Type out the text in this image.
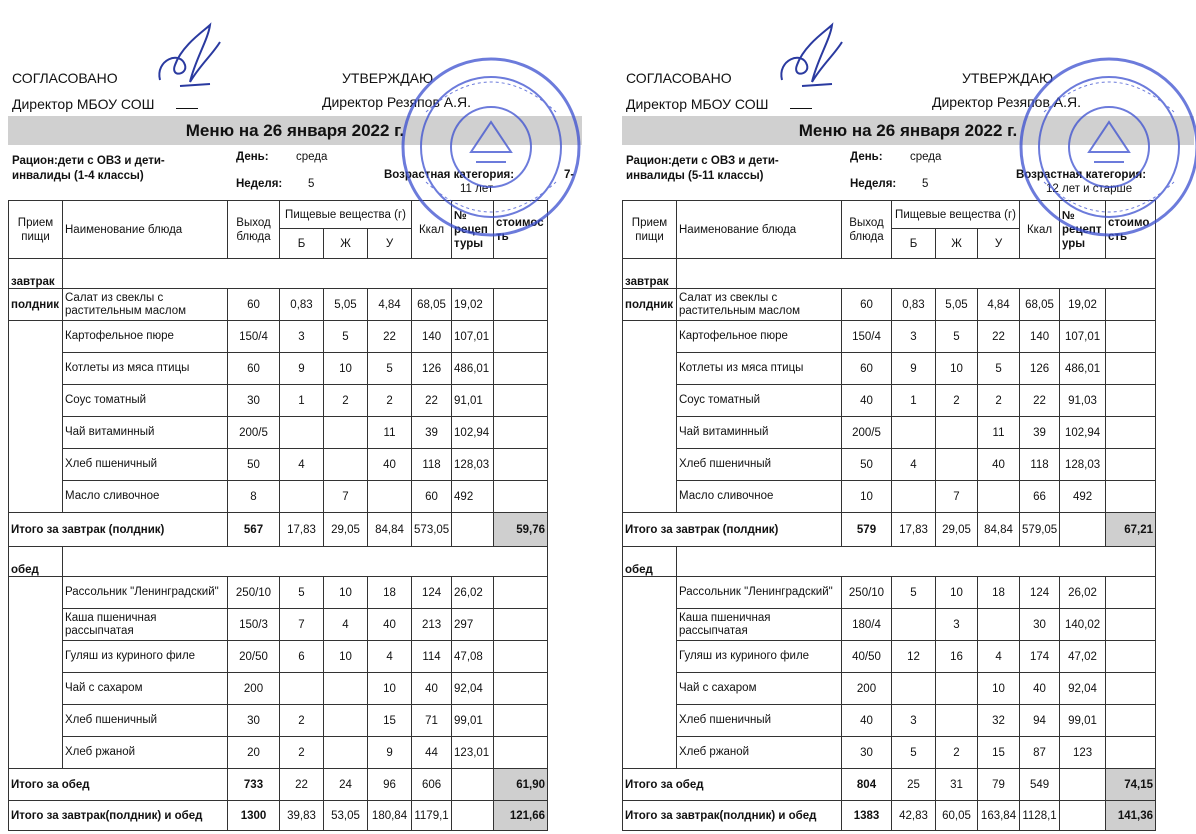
СОГЛАСОВАНО
Директор МБОУ СОШ
УТВЕРЖДАЮ
Директор Резяпов А.Я.
Меню на 26 января 2022 г.
Рацион:дети с ОВЗ и дети-
инвалиды (1-4 классы)
День: среда
Неделя: 5
Возрастная категория:	7-
11 лет
Прием пищи	Наименование блюда	Выход блюда	Пищевые вещества (г)			Ккал	№ рецеп туры	стоимос ть
			Б	Ж	У			
завтрак								
полдник	Салат из свеклы с растительным маслом	60	0,83	5,05	4,84	68,05	19,02	
	Картофельное пюре	150/4	3	5	22	140	107,01	
	Котлеты из мяса птицы	60	9	10	5	126	486,01	
	Соус томатный	30	1	2	2	22	91,01	
	Чай витаминный	200/5			11	39	102,94	
	Хлеб пшеничный	50	4		40	118	128,03	
	Масло сливочное	8		7		60	492	
Итого за завтрак (полдник)		567	17,83	29,05	84,84	573,05		59,76
обед								
	Рассольник "Ленинградский"	250/10	5	10	18	124	26,02	
	Каша пшеничная рассыпчатая	150/3	7	4	40	213	297	
	Гуляш из куриного филе	20/50	6	10	4	114	47,08	
	Чай с сахаром	200			10	40	92,04	
	Хлеб пшеничный	30	2		15	71	99,01	
	Хлеб ржаной	20	2		9	44	123,01	
Итого за обед		733	22	24	96	606		61,90
Итого за завтрак(полдник) и обед		1300	39,83	53,05	180,84	1179,1		121,66
СОГЛАСОВАНО
Директор МБОУ СОШ
УТВЕРЖДАЮ
Директор Резяпов А.Я.
Меню на 26 января 2022 г.
Рацион:дети с ОВЗ и дети-
инвалиды (5-11 классы)
День: среда
Неделя: 5
Возрастная категория:
12 лет и старше
Прием пищи	Наименование блюда	Выход блюда	Пищевые вещества (г)			Ккал	№ рецепт уры	стоимо сть
			Б	Ж	У			
завтрак								
полдник	Салат из свеклы с растительным маслом	60	0,83	5,05	4,84	68,05	19,02	
	Картофельное пюре	150/4	3	5	22	140	107,01	
	Котлеты из мяса птицы	60	9	10	5	126	486,01	
	Соус томатный	40	1	2	2	22	91,03	
	Чай витаминный	200/5			11	39	102,94	
	Хлеб пшеничный	50	4		40	118	128,03	
	Масло сливочное	10		7		66	492	
Итого за завтрак (полдник)		579	17,83	29,05	84,84	579,05		67,21
обед								
	Рассольник "Ленинградский"	250/10	5	10	18	124	26,02	
	Каша пшеничная рассыпчатая	180/4		3		30	140,02	
	Гуляш из куриного филе	40/50	12	16	4	174	47,02	
	Чай с сахаром	200			10	40	92,04	
	Хлеб пшеничный	40	3		32	94	99,01	
	Хлеб ржаной	30	5	2	15	87	123	
Итого за обед		804	25	31	79	549		74,15
Итого за завтрак(полдник) и обед		1383	42,83	60,05	163,84	1128,1		141,36
